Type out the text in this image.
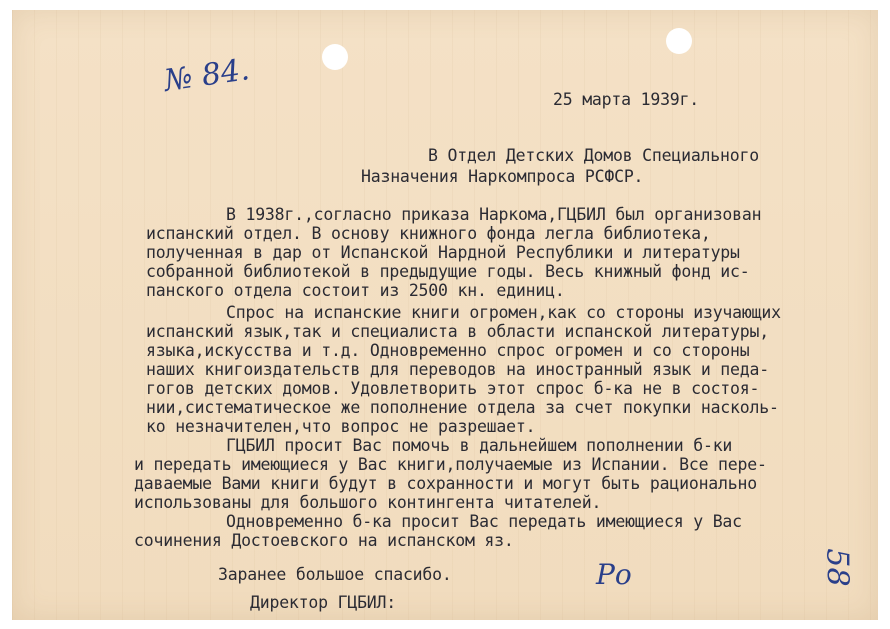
№ 84.
25 марта 1939г.
В Отдел Детских Домов Специального
Назначения Наркомпроса РСФСР.
В 1938г.,согласно приказа Наркома,ГЦБИЛ был организован
испанский отдел. В основу книжного фонда легла библиотека,
полученная в дар от Испанской Нардной Республики и литературы
собранной библиотекой в предыдущие годы. Весь книжный фонд ис-
панского отдела состоит из 2500 кн. единиц.
Спрос на испанские книги огромен,как со стороны изучающих
испанский язык,так и специалиста в области испанской литературы,
языка,искусства и т.д. Одновременно спрос огромен и со стороны
наших книгоиздательств для переводов на иностранный язык и педа-
гогов детских домов. Удовлетворить этот спрос б-ка не в состоя-
нии,систематическое же пополнение отдела за счет покупки насколь-
ко незначителен,что вопрос не разрешает.
ГЦБИЛ просит Вас помочь в дальнейшем пополнении б-ки
и передать имеющиеся у Вас книги,получаемые из Испании. Все пере-
даваемые Вами книги будут в сохранности и могут быть рационально
использованы для большого контингента читателей.
Одновременно б-ка просит Вас передать имеющиеся у Вас
сочинения Достоевского на испанском яз.
Заранее большое спасибо.
Директор ГЦБИЛ:
Ро	58
